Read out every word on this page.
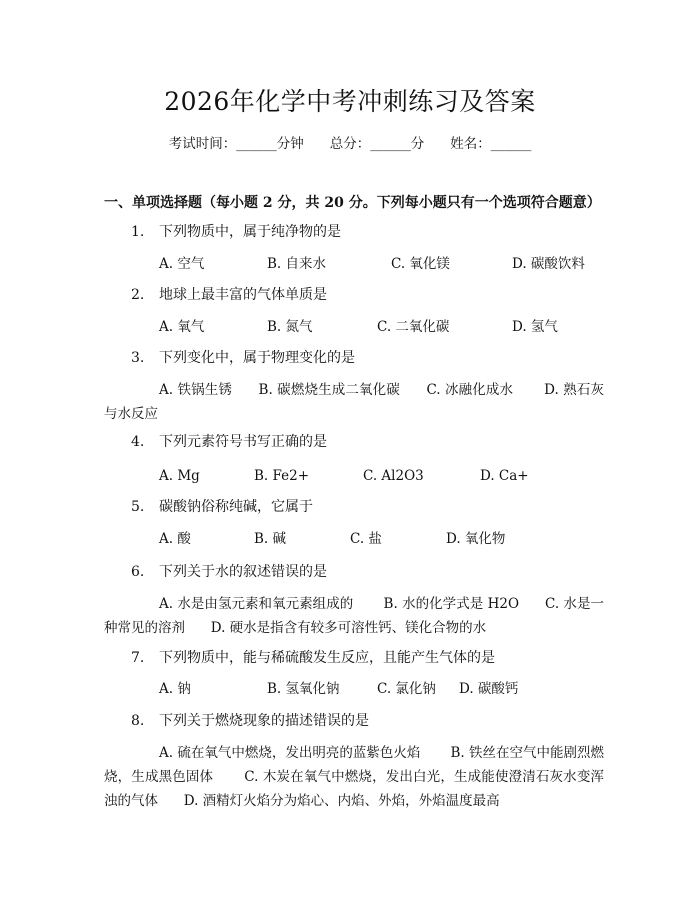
2026年化学中考冲刺练习及答案
考试时间：______分钟 总分：______分 姓名：______
一、单项选择题（每小题 2 分，共 20 分。下列每小题只有一个选项符合题意）
1. 下列物质中，属于纯净物的是
A. 空气	B. 自来水	C. 氧化镁	D. 碳酸饮料
2. 地球上最丰富的气体单质是
A. 氧气	B. 氮气	C. 二氧化碳	D. 氢气
3. 下列变化中，属于物理变化的是
A. 铁锅生锈 B. 碳燃烧生成二氧化碳 C. 冰融化成水 D. 熟石灰与水反应
4. 下列元素符号书写正确的是
A. Mg	B. Fe2+	C. Al2O3	D. Ca+
5. 碳酸钠俗称纯碱，它属于
A. 酸	B. 碱	C. 盐	D. 氧化物
6. 下列关于水的叙述错误的是
A. 水是由氢元素和氧元素组成的 B. 水的化学式是 H2O C. 水是一种常见的溶剂 D. 硬水是指含有较多可溶性钙、镁化合物的水
7. 下列物质中，能与稀硫酸发生反应，且能产生气体的是
A. 钠	B. 氢氧化钠	C. 氯化钠 D. 碳酸钙
8. 下列关于燃烧现象的描述错误的是
A. 硫在氧气中燃烧，发出明亮的蓝紫色火焰 B. 铁丝在空气中能剧烈燃烧，生成黑色固体 C. 木炭在氧气中燃烧，发出白光，生成能使澄清石灰水变浑浊的气体 D. 酒精灯火焰分为焰心、内焰、外焰，外焰温度最高
